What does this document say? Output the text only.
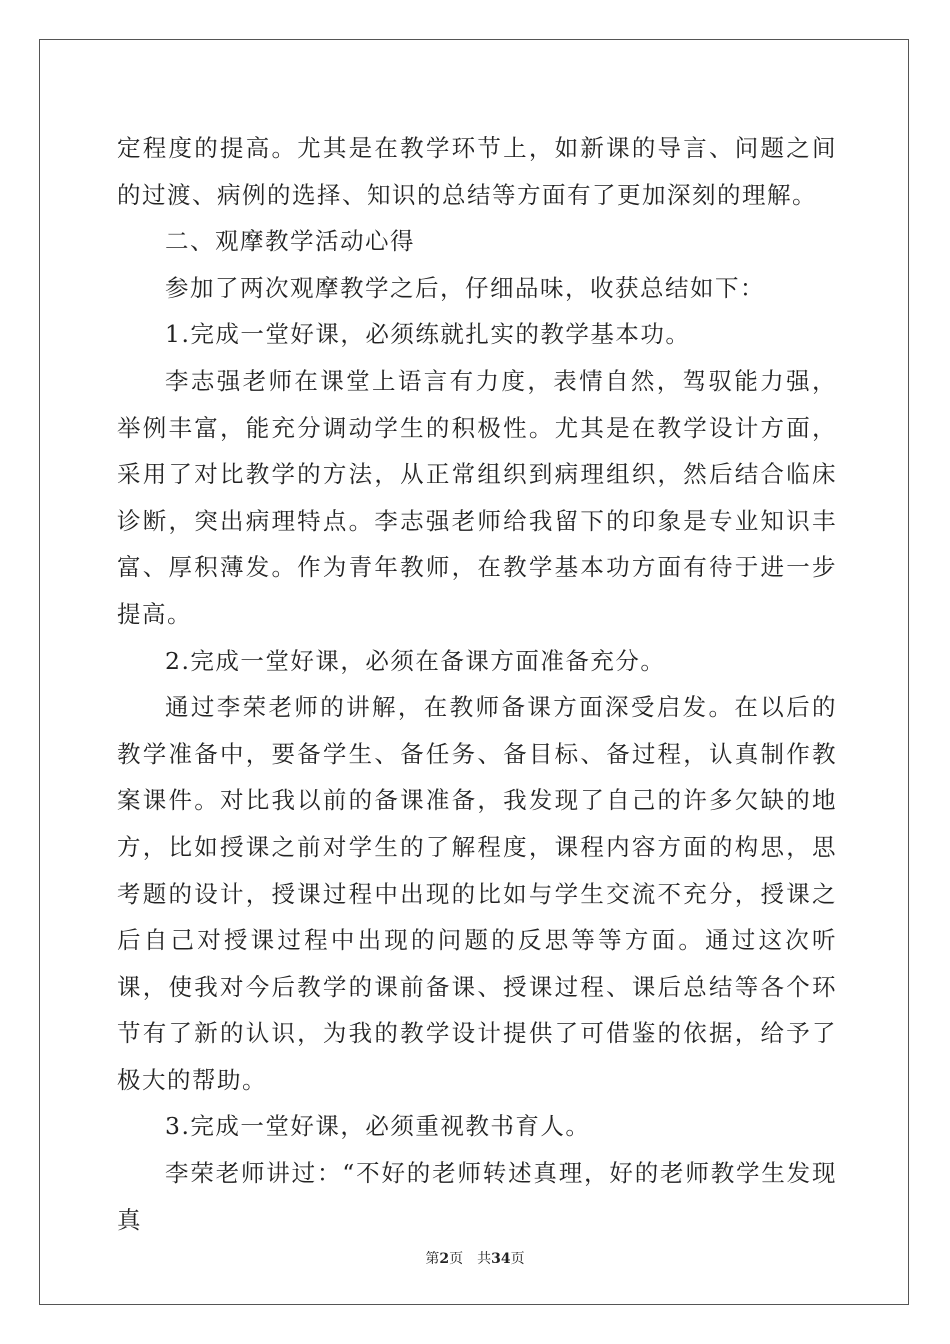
定程度的提高。尤其是在教学环节上，如新课的导言、问题之间的过渡、病例的选择、知识的总结等方面有了更加深刻的理解。

二、观摩教学活动心得

参加了两次观摩教学之后，仔细品味，收获总结如下：

1.完成一堂好课，必须练就扎实的教学基本功。

李志强老师在课堂上语言有力度，表情自然，驾驭能力强，举例丰富，能充分调动学生的积极性。尤其是在教学设计方面，采用了对比教学的方法，从正常组织到病理组织，然后结合临床诊断，突出病理特点。李志强老师给我留下的印象是专业知识丰富、厚积薄发。作为青年教师，在教学基本功方面有待于进一步提高。

2.完成一堂好课，必须在备课方面准备充分。

通过李荣老师的讲解，在教师备课方面深受启发。在以后的教学准备中，要备学生、备任务、备目标、备过程，认真制作教案课件。对比我以前的备课准备，我发现了自己的许多欠缺的地方，比如授课之前对学生的了解程度，课程内容方面的构思，思考题的设计，授课过程中出现的比如与学生交流不充分，授课之后自己对授课过程中出现的问题的反思等等方面。通过这次听课，使我对今后教学的课前备课、授课过程、课后总结等各个环节有了新的认识，为我的教学设计提供了可借鉴的依据，给予了极大的帮助。

3.完成一堂好课，必须重视教书育人。

李荣老师讲过：“不好的老师转述真理，好的老师教学生发现真

第2页 共34页
